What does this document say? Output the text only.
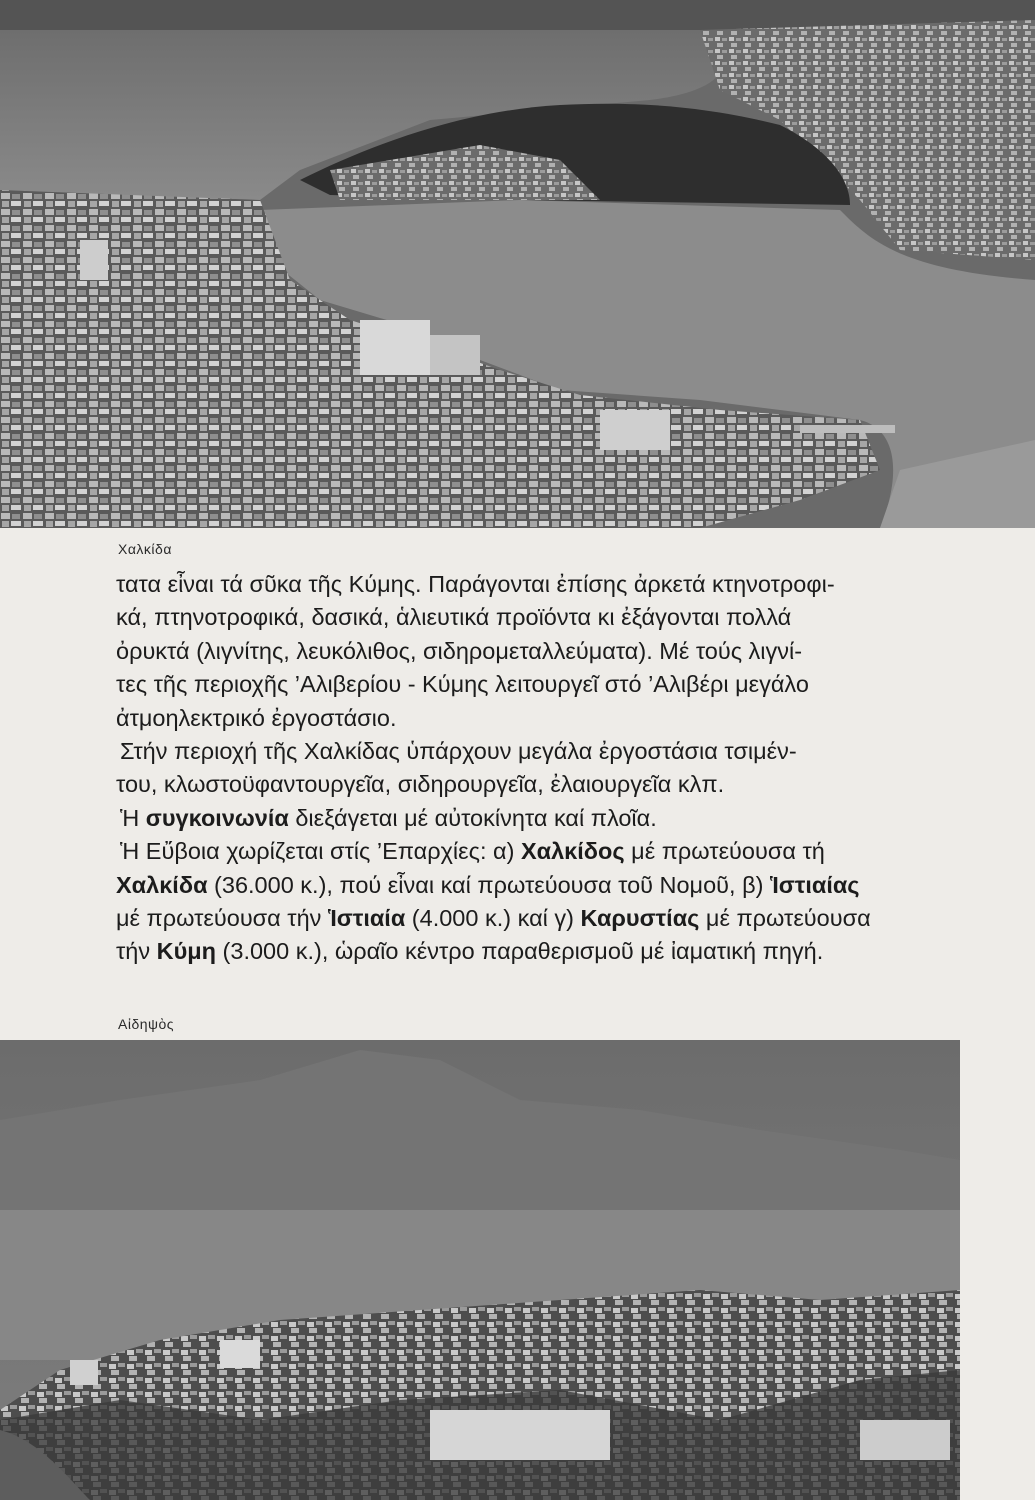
Χαλκίδα

τατα εἶναι τά σῦκα τῆς Κύμης. Παράγονται ἐπίσης ἀρκετά κτηνοτροφι-
κά, πτηνοτροφικά, δασικά, ἁλιευτικά προϊόντα κι ἐξάγονται πολλά
ὀρυκτά (λιγνίτης, λευκόλιθος, σιδηρομεταλλεύματα). Μέ τούς λιγνί-
τες τῆς περιοχῆς ’Αλιβερίου - Κύμης λειτουργεῖ στό ’Αλιβέρι μεγάλο
ἀτμοηλεκτρικό ἐργοστάσιο.

Στήν περιοχή τῆς Χαλκίδας ὑπάρχουν μεγάλα ἐργοστάσια τσιμέν-
του, κλωστοϋφαντουργεῖα, σιδηρουργεῖα, ἐλαιουργεῖα κλπ.

Ἡ συγκοινωνία διεξάγεται μέ αὐτοκίνητα καί πλοῖα.

Ἡ Εὔβοια χωρίζεται στίς ’Επαρχίες: α) Χαλκίδος μέ πρωτεύουσα τή
Χαλκίδα (36.000 κ.), πού εἶναι καί πρωτεύουσα τοῦ Νομοῦ, β) Ἱστιαίας
μέ πρωτεύουσα τήν Ἱστιαία (4.000 κ.) καί γ) Καρυστίας μέ πρωτεύουσα
τήν Κύμη (3.000 κ.), ὡραῖο κέντρο παραθερισμοῦ μέ ἰαματική πηγή.

Αἰδηψὸς
